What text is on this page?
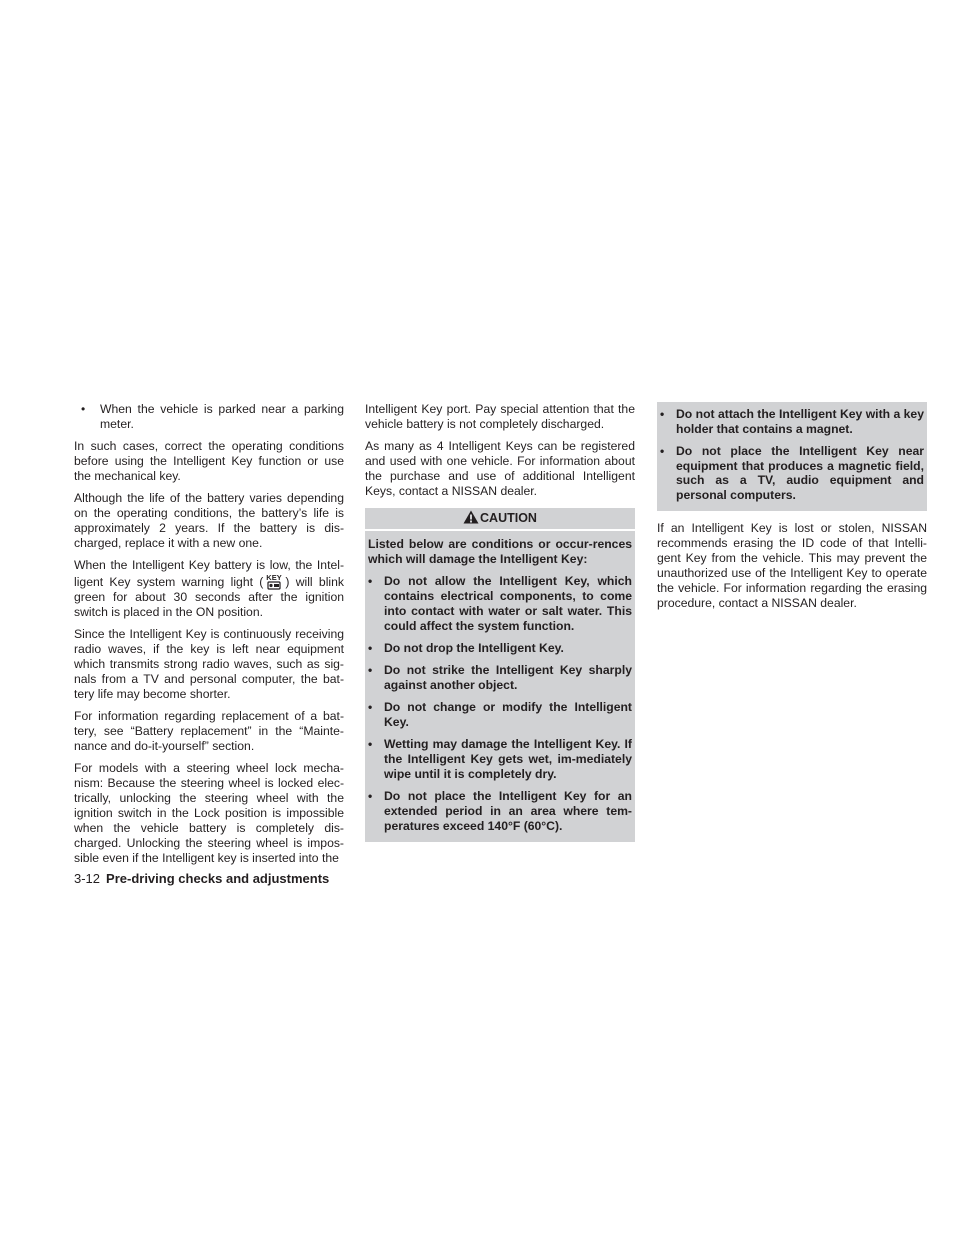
• When the vehicle is parked near a parking meter.

In such cases, correct the operating conditions before using the Intelligent Key function or use the mechanical key.

Although the life of the battery varies depending on the operating conditions, the battery’s life is approximately 2 years. If the battery is dis-charged, replace it with a new one.

When the Intelligent Key battery is low, the Intel-ligent Key system warning light ( KEY ) will blink green for about 30 seconds after the ignition switch is placed in the ON position.

Since the Intelligent Key is continuously receiving radio waves, if the key is left near equipment which transmits strong radio waves, such as sig-nals from a TV and personal computer, the bat-tery life may become shorter.

For information regarding replacement of a bat-tery, see “Battery replacement” in the “Mainte-nance and do-it-yourself” section.

For models with a steering wheel lock mecha-nism: Because the steering wheel is locked elec-trically, unlocking the steering wheel with the ignition switch in the Lock position is impossible when the vehicle battery is completely dis-charged. Unlocking the steering wheel is impos-sible even if the Intelligent key is inserted into the

Intelligent Key port. Pay special attention that the vehicle battery is not completely discharged.

As many as 4 Intelligent Keys can be registered and used with one vehicle. For information about the purchase and use of additional Intelligent Keys, contact a NISSAN dealer.

CAUTION

Listed below are conditions or occur-rences which will damage the Intelligent Key:

• Do not allow the Intelligent Key, which contains electrical components, to come into contact with water or salt water. This could affect the system function.
• Do not drop the Intelligent Key.
• Do not strike the Intelligent Key sharply against another object.
• Do not change or modify the Intelligent Key.
• Wetting may damage the Intelligent Key. If the Intelligent Key gets wet, im-mediately wipe until it is completely dry.
• Do not place the Intelligent Key for an extended period in an area where tem-peratures exceed 140°F (60°C).
• Do not attach the Intelligent Key with a key holder that contains a magnet.
• Do not place the Intelligent Key near equipment that produces a magnetic field, such as a TV, audio equipment and personal computers.

If an Intelligent Key is lost or stolen, NISSAN recommends erasing the ID code of that Intelli-gent Key from the vehicle. This may prevent the unauthorized use of the Intelligent Key to operate the vehicle. For information regarding the erasing procedure, contact a NISSAN dealer.

3-12 Pre-driving checks and adjustments
